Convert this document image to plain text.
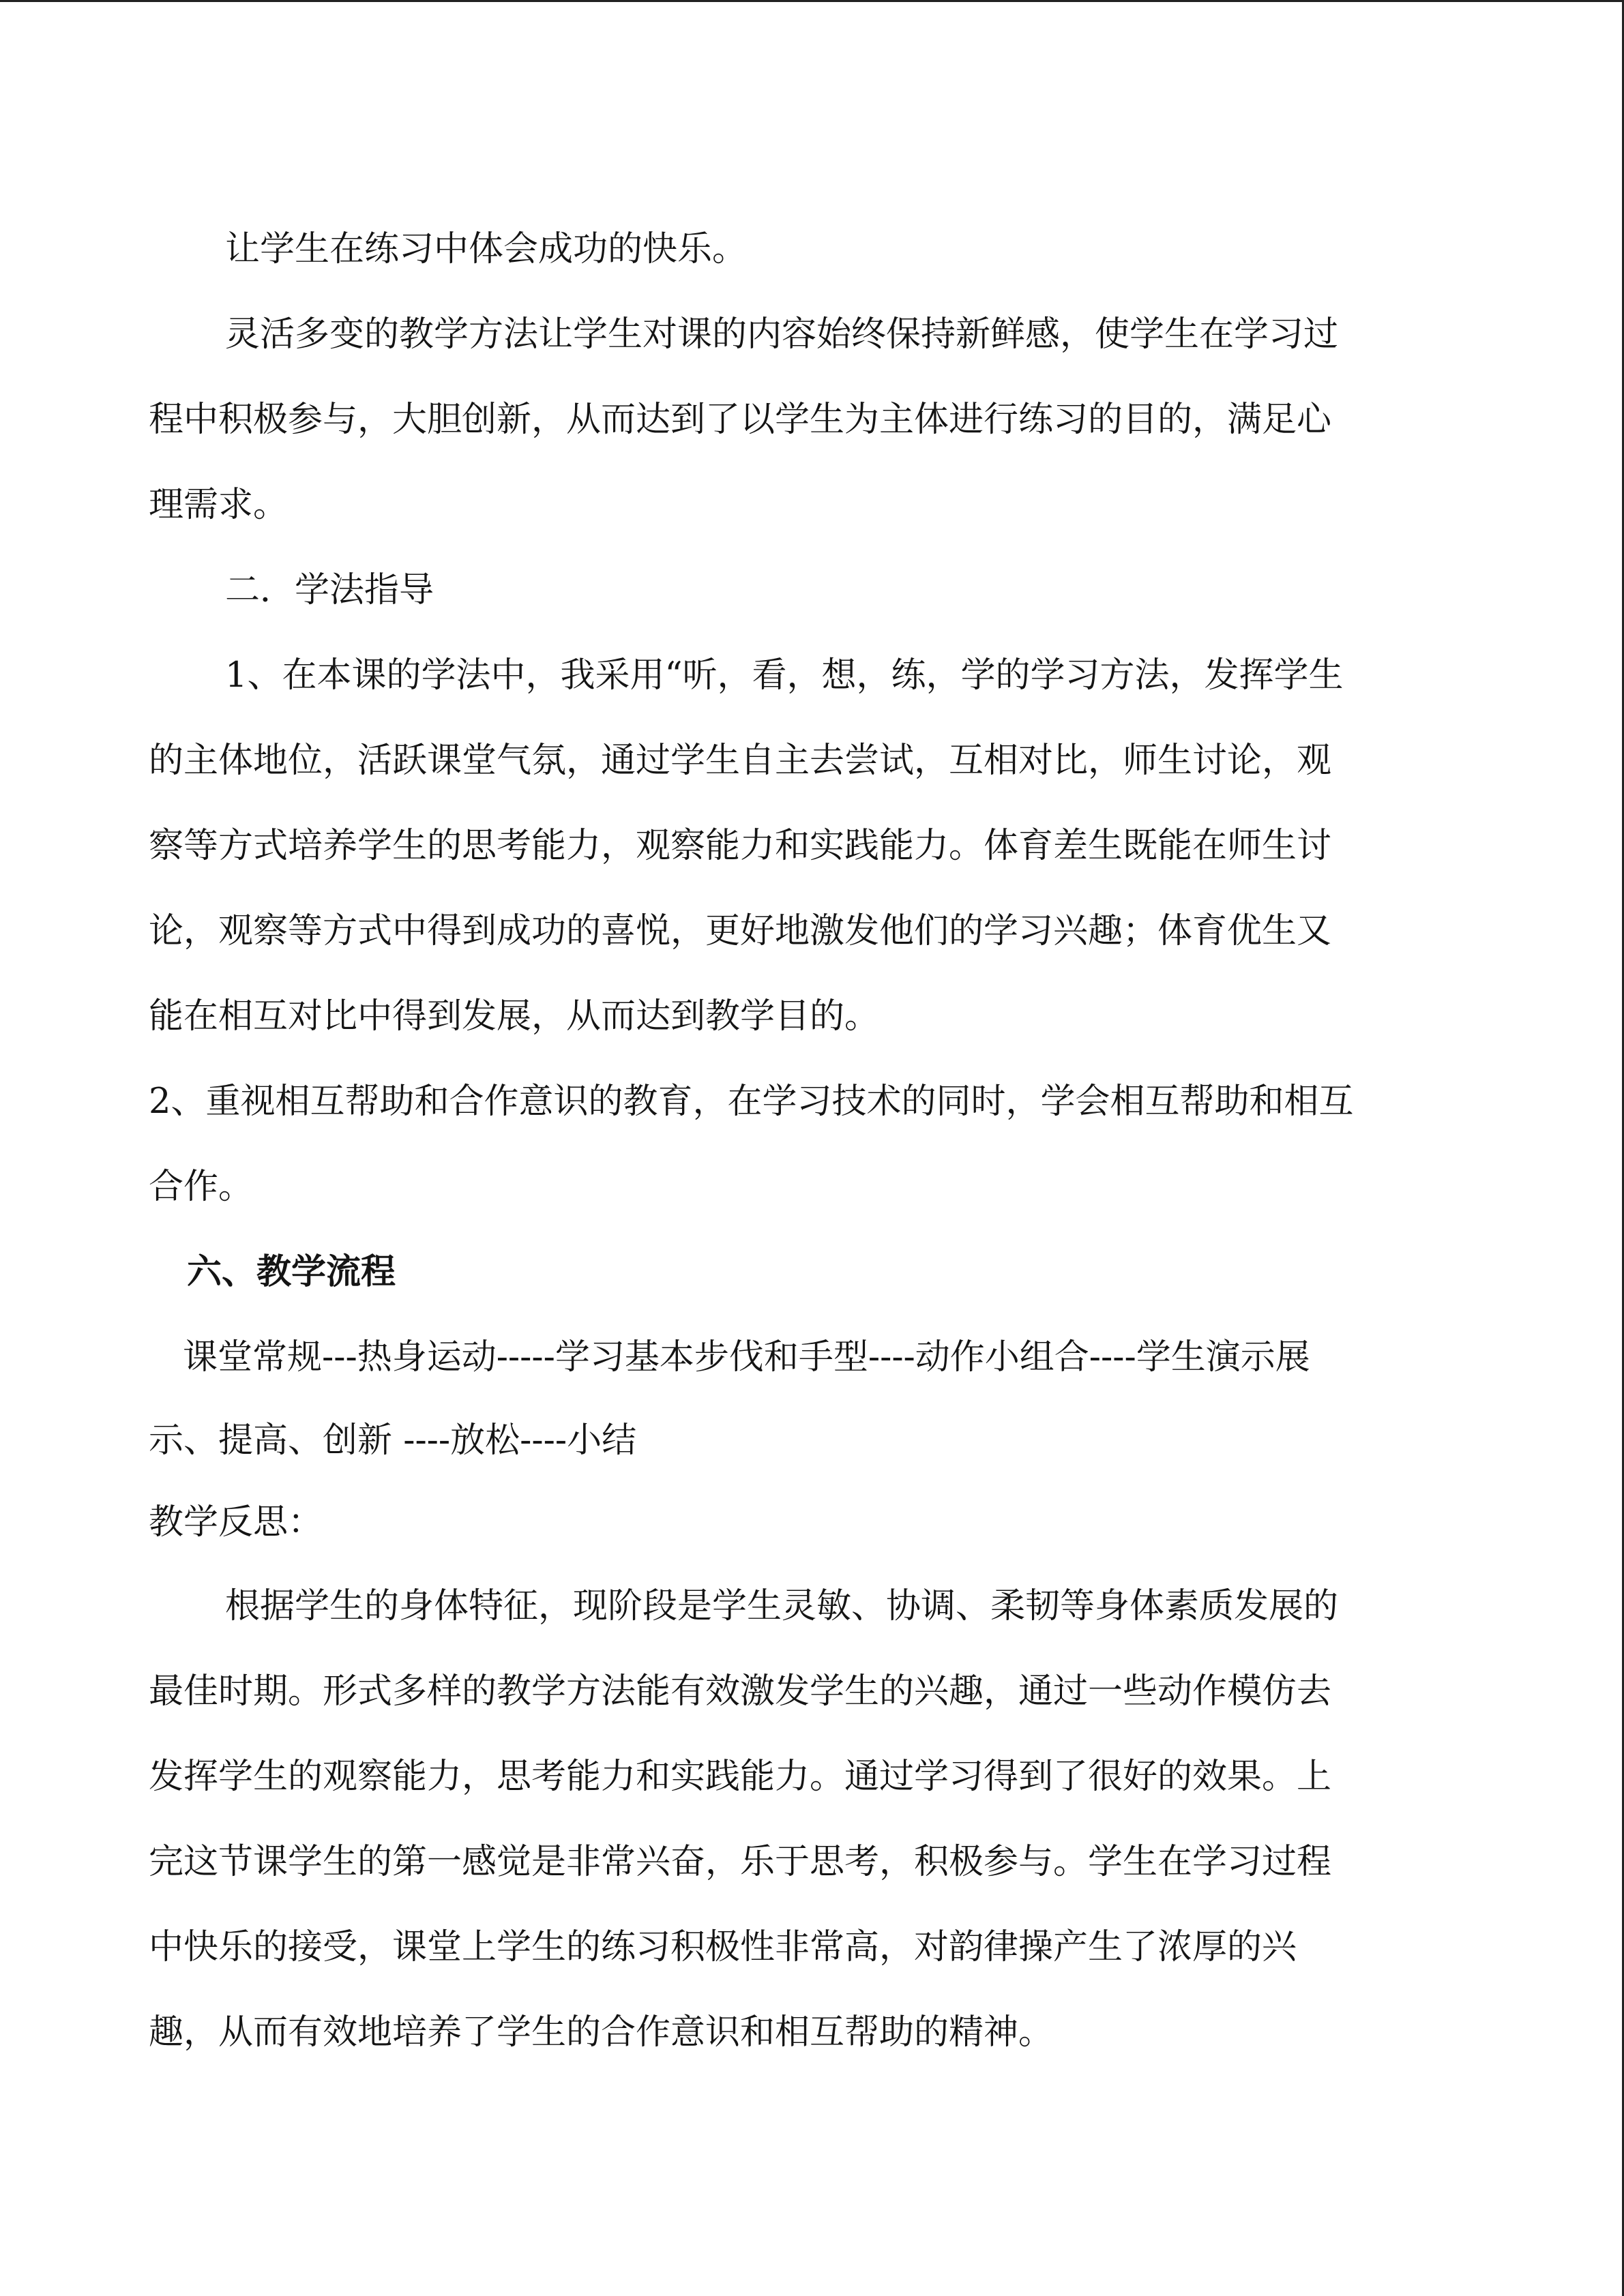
让学生在练习中体会成功的快乐。
灵活多变的教学方法让学生对课的内容始终保持新鲜感，使学生在学习过
程中积极参与，大胆创新，从而达到了以学生为主体进行练习的目的，满足心
理需求。
二．学法指导
1、在本课的学法中，我采用“听，看，想，练，学的学习方法，发挥学生
的主体地位，活跃课堂气氛，通过学生自主去尝试，互相对比，师生讨论，观
察等方式培养学生的思考能力，观察能力和实践能力。体育差生既能在师生讨
论，观察等方式中得到成功的喜悦，更好地激发他们的学习兴趣；体育优生又
能在相互对比中得到发展，从而达到教学目的。
2、重视相互帮助和合作意识的教育，在学习技术的同时，学会相互帮助和相互
合作。
六、教学流程
课堂常规---热身运动-----学习基本步伐和手型----动作小组合----学生演示展
示、提高、创新 ----放松----小结
教学反思：
根据学生的身体特征，现阶段是学生灵敏、协调、柔韧等身体素质发展的
最佳时期。形式多样的教学方法能有效激发学生的兴趣，通过一些动作模仿去
发挥学生的观察能力，思考能力和实践能力。通过学习得到了很好的效果。上
完这节课学生的第一感觉是非常兴奋，乐于思考，积极参与。学生在学习过程
中快乐的接受，课堂上学生的练习积极性非常高，对韵律操产生了浓厚的兴
趣，从而有效地培养了学生的合作意识和相互帮助的精神。
